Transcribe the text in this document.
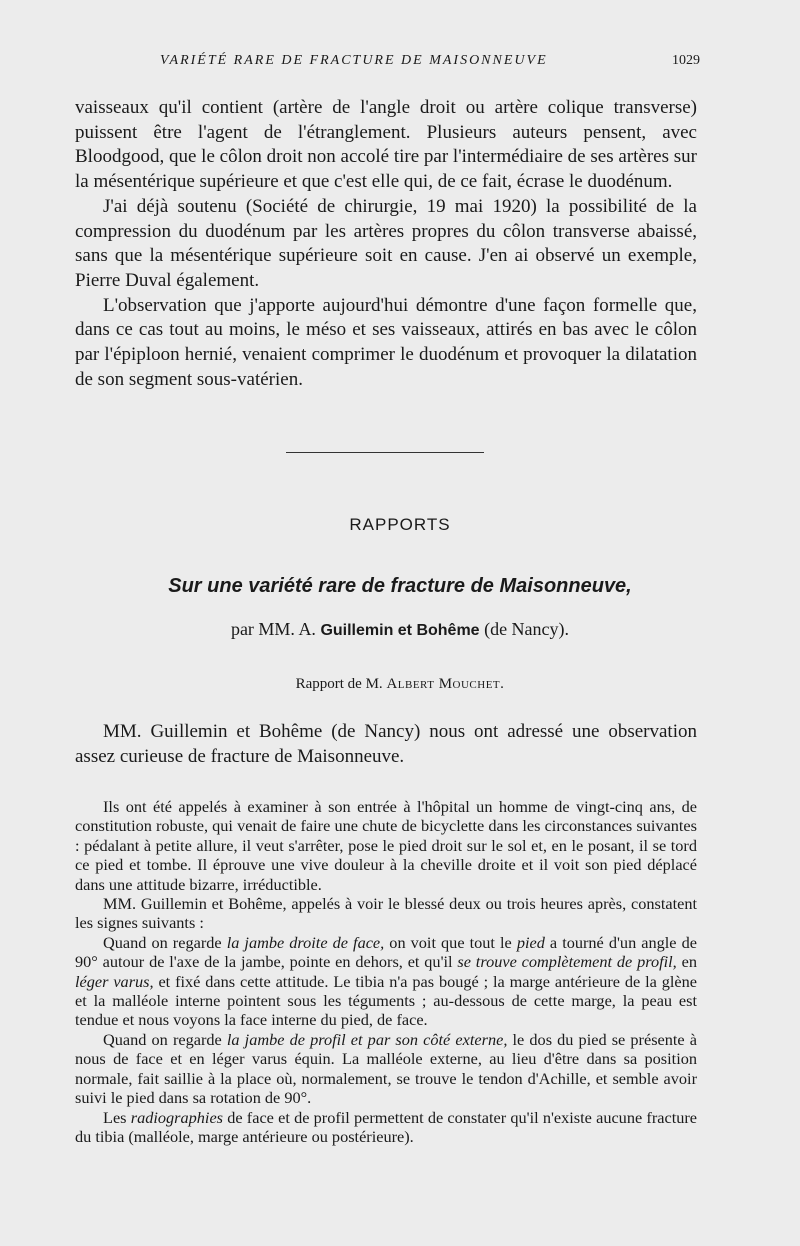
VARIÉTÉ RARE DE FRACTURE DE MAISONNEUVE	1029

vaisseaux qu'il contient (artère de l'angle droit ou artère colique transverse) puissent être l'agent de l'étranglement. Plusieurs auteurs pensent, avec Bloodgood, que le côlon droit non accolé tire par l'intermédiaire de ses artères sur la mésentérique supérieure et que c'est elle qui, de ce fait, écrase le duodénum.

J'ai déjà soutenu (Société de chirurgie, 19 mai 1920) la possibilité de la compression du duodénum par les artères propres du côlon transverse abaissé, sans que la mésentérique supérieure soit en cause. J'en ai observé un exemple, Pierre Duval également.

L'observation que j'apporte aujourd'hui démontre d'une façon formelle que, dans ce cas tout au moins, le méso et ses vaisseaux, attirés en bas avec le côlon par l'épiploon hernié, venaient comprimer le duodénum et provoquer la dilatation de son segment sous-vatérien.

RAPPORTS
Sur une variété rare de fracture de Maisonneuve,
par MM. A. Guillemin et Bohême (de Nancy).
Rapport de M. Albert Mouchet.

MM. Guillemin et Bohême (de Nancy) nous ont adressé une observation assez curieuse de fracture de Maisonneuve.

Ils ont été appelés à examiner à son entrée à l'hôpital un homme de vingt-cinq ans, de constitution robuste, qui venait de faire une chute de bicyclette dans les circonstances suivantes : pédalant à petite allure, il veut s'arrêter, pose le pied droit sur le sol et, en le posant, il se tord ce pied et tombe. Il éprouve une vive douleur à la cheville droite et il voit son pied déplacé dans une attitude bizarre, irréductible.

MM. Guillemin et Bohême, appelés à voir le blessé deux ou trois heures après, constatent les signes suivants :

Quand on regarde la jambe droite de face, on voit que tout le pied a tourné d'un angle de 90° autour de l'axe de la jambe, pointe en dehors, et qu'il se trouve complètement de profil, en léger varus, et fixé dans cette attitude. Le tibia n'a pas bougé ; la marge antérieure de la glène et la malléole interne pointent sous les téguments ; au-dessous de cette marge, la peau est tendue et nous voyons la face interne du pied, de face.

Quand on regarde la jambe de profil et par son côté externe, le dos du pied se présente à nous de face et en léger varus équin. La malléole externe, au lieu d'être dans sa position normale, fait saillie à la place où, normalement, se trouve le tendon d'Achille, et semble avoir suivi le pied dans sa rotation de 90°.

Les radiographies de face et de profil permettent de constater qu'il n'existe aucune fracture du tibia (malléole, marge antérieure ou postérieure).
